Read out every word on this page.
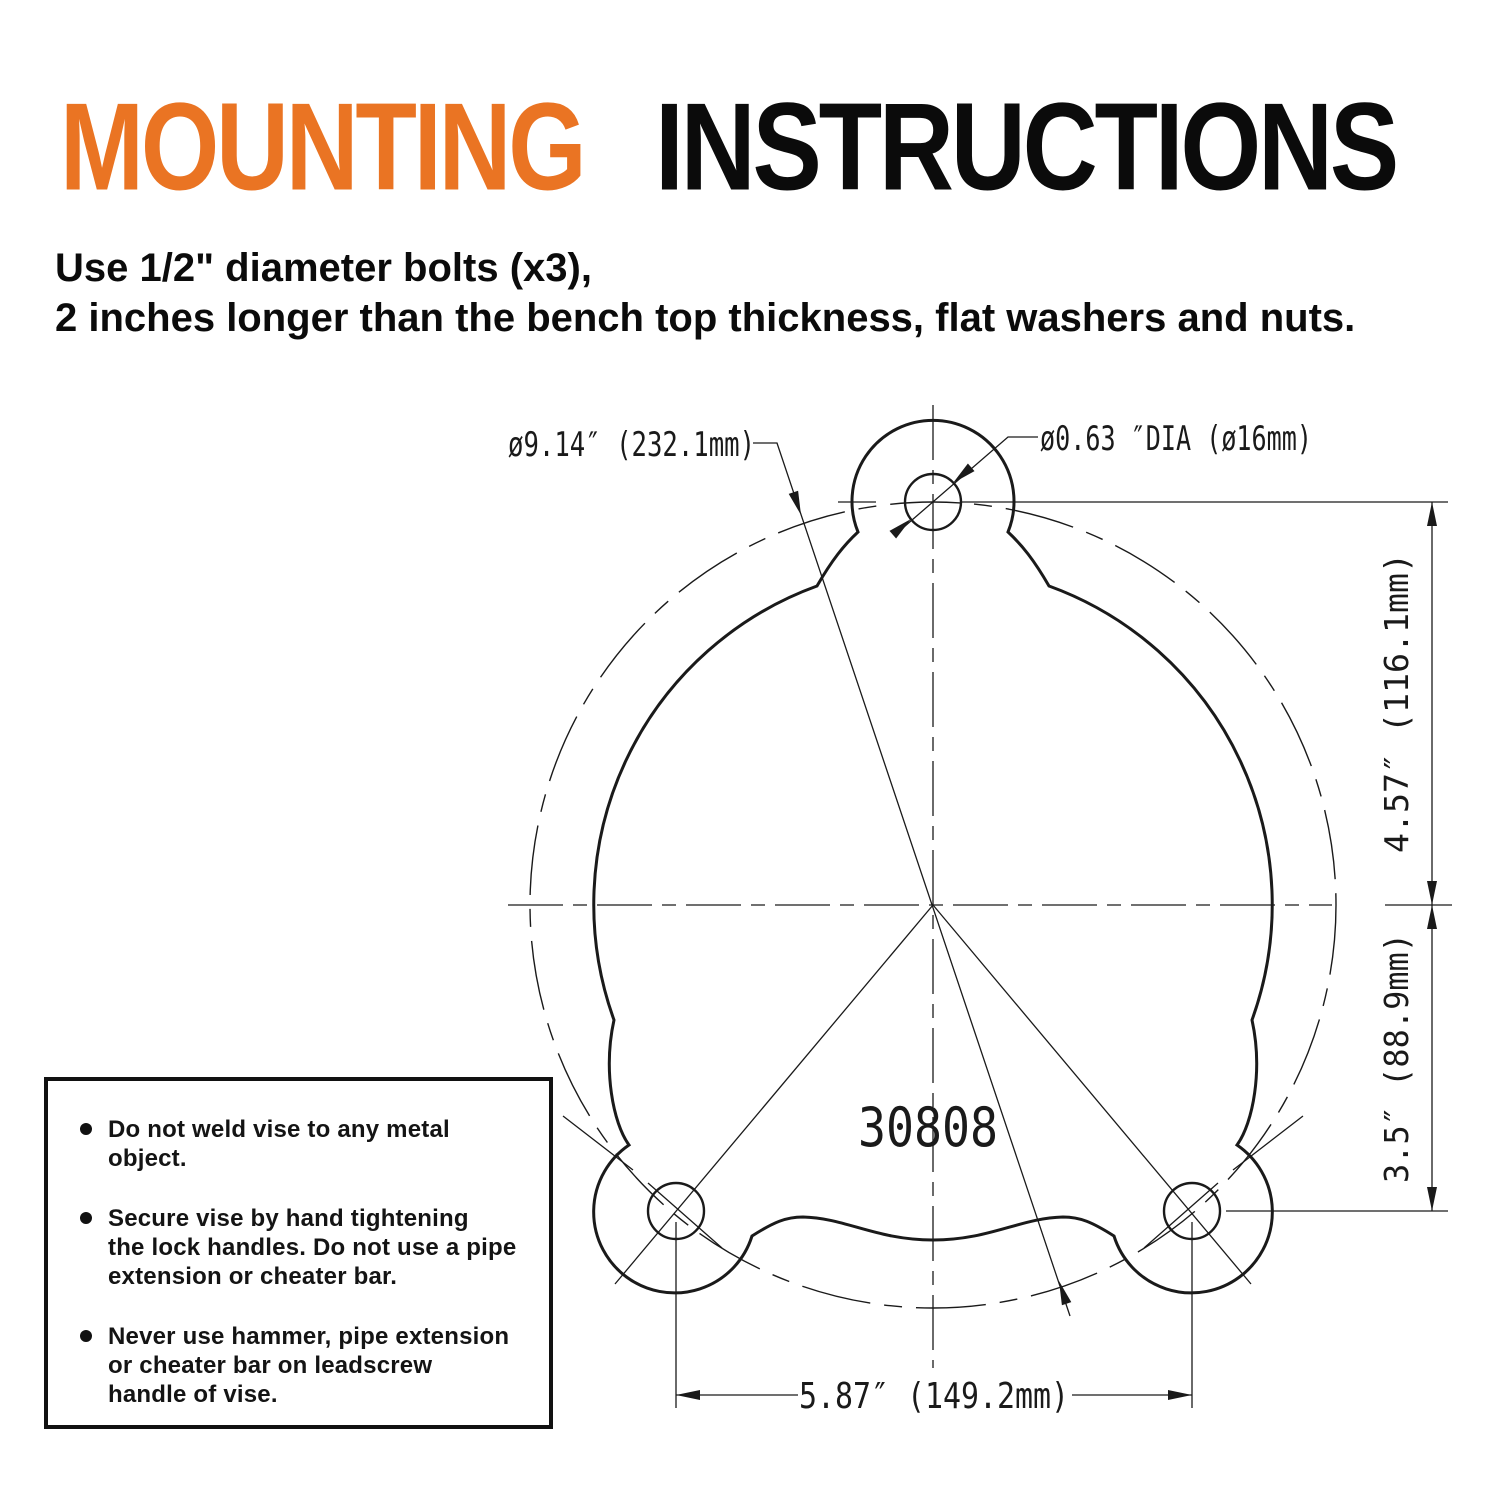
MOUNTING INSTRUCTIONS
Use 1/2" diameter bolts (x3),
2 inches longer than the bench top thickness, flat washers and nuts.
ø9.14″ (232.1mm)	ø0.63 ″DIA (ø16mm)
4.57″ (116.1mm)
3.5″ (88.9mm)
5.87″ (149.2mm)
30808
Do not weld vise to any metal object.
Secure vise by hand tightening
the lock handles. Do not use a pipe
extension or cheater bar.
Never use hammer, pipe extension
or cheater bar on leadscrew
handle of vise.
